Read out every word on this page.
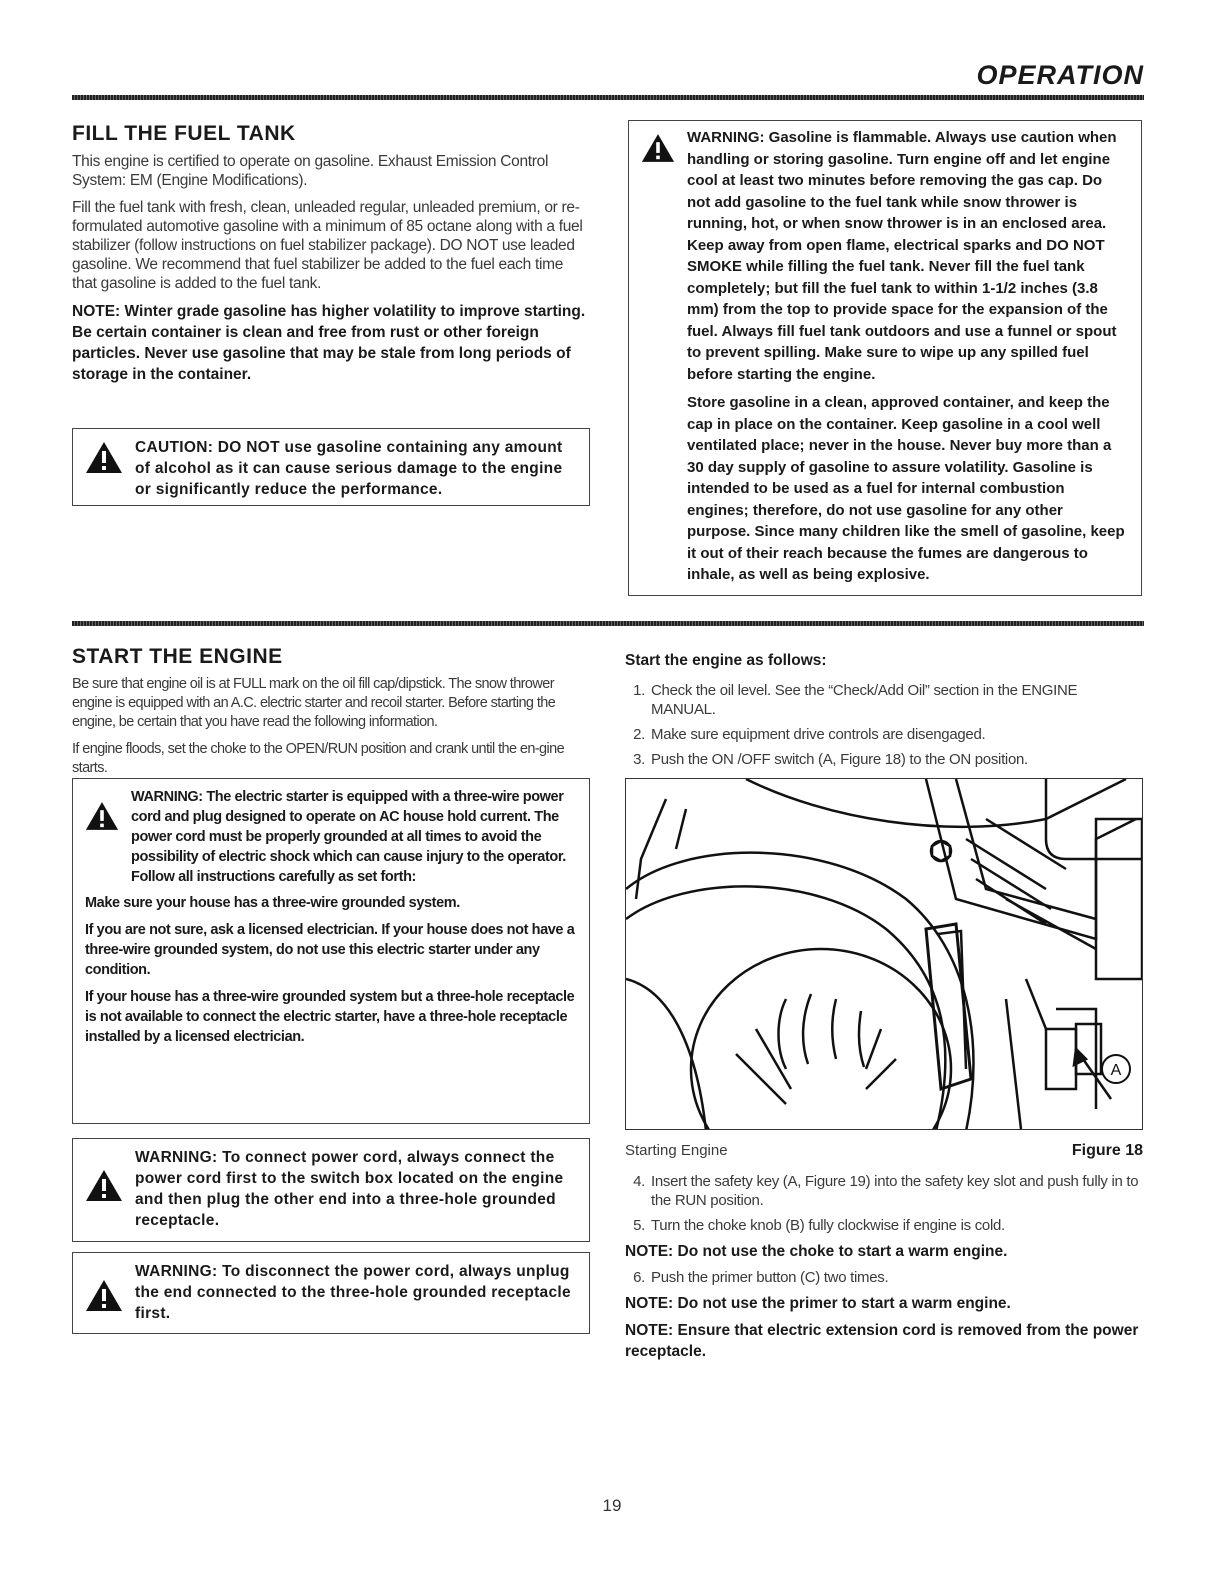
OPERATION
FILL THE FUEL TANK

This engine is certified to operate on gasoline. Exhaust Emission Control System: EM (Engine Modifications).

Fill the fuel tank with fresh, clean, unleaded regular, unleaded premium, or re-formulated automotive gasoline with a minimum of 85 octane along with a fuel stabilizer (follow instructions on fuel stabilizer package). DO NOT use leaded gasoline. We recommend that fuel stabilizer be added to the fuel each time that gasoline is added to the fuel tank.

NOTE: Winter grade gasoline has higher volatility to improve starting. Be certain container is clean and free from rust or other foreign particles. Never use gasoline that may be stale from long periods of storage in the container.

CAUTION: DO NOT use gasoline containing any amount of alcohol as it can cause serious damage to the engine or significantly reduce the performance.

WARNING: Gasoline is flammable. Always use caution when handling or storing gasoline. Turn engine off and let engine cool at least two minutes before removing the gas cap. Do not add gasoline to the fuel tank while snow thrower is running, hot, or when snow thrower is in an enclosed area. Keep away from open flame, electrical sparks and DO NOT SMOKE while filling the fuel tank. Never fill the fuel tank completely; but fill the fuel tank to within 1-1/2 inches (3.8 mm) from the top to provide space for the expansion of the fuel. Always fill fuel tank outdoors and use a funnel or spout to prevent spilling. Make sure to wipe up any spilled fuel before starting the engine.

Store gasoline in a clean, approved container, and keep the cap in place on the container. Keep gasoline in a cool well ventilated place; never in the house. Never buy more than a 30 day supply of gasoline to assure volatility. Gasoline is intended to be used as a fuel for internal combustion engines; therefore, do not use gasoline for any other purpose. Since many children like the smell of gasoline, keep it out of their reach because the fumes are dangerous to inhale, as well as being explosive.

START THE ENGINE

Be sure that engine oil is at FULL mark on the oil fill cap/dipstick. The snow thrower engine is equipped with an A.C. electric starter and recoil starter. Before starting the engine, be certain that you have read the following information.

If engine floods, set the choke to the OPEN/RUN position and crank until the en-gine starts.

WARNING: The electric starter is equipped with a three-wire power cord and plug designed to operate on AC house hold current. The power cord must be properly grounded at all times to avoid the possibility of electric shock which can cause injury to the operator. Follow all instructions carefully as set forth:

Make sure your house has a three-wire grounded system.

If you are not sure, ask a licensed electrician. If your house does not have a three-wire grounded system, do not use this electric starter under any condition.

If your house has a three-wire grounded system but a three-hole receptacle is not available to connect the electric starter, have a three-hole receptacle installed by a licensed electrician.

WARNING: To connect power cord, always connect the power cord first to the switch box located on the engine and then plug the other end into a three-hole grounded receptacle.
WARNING: To disconnect the power cord, always unplug the end connected to the three-hole grounded receptacle first.

Start the engine as follows:

1. Check the oil level. See the “Check/Add Oil” section in the ENGINE MANUAL.
2. Make sure equipment drive controls are disengaged.
3. Push the ON /OFF switch (A, Figure 18) to the ON position.
A
Starting Engine	Figure 18
4. Insert the safety key (A, Figure 19) into the safety key slot and push fully in to the RUN position.
5. Turn the choke knob (B) fully clockwise if engine is cold.

NOTE: Do not use the choke to start a warm engine.

6. Push the primer button (C) two times.

NOTE: Do not use the primer to start a warm engine.

NOTE: Ensure that electric extension cord is removed from the power receptacle.

19
